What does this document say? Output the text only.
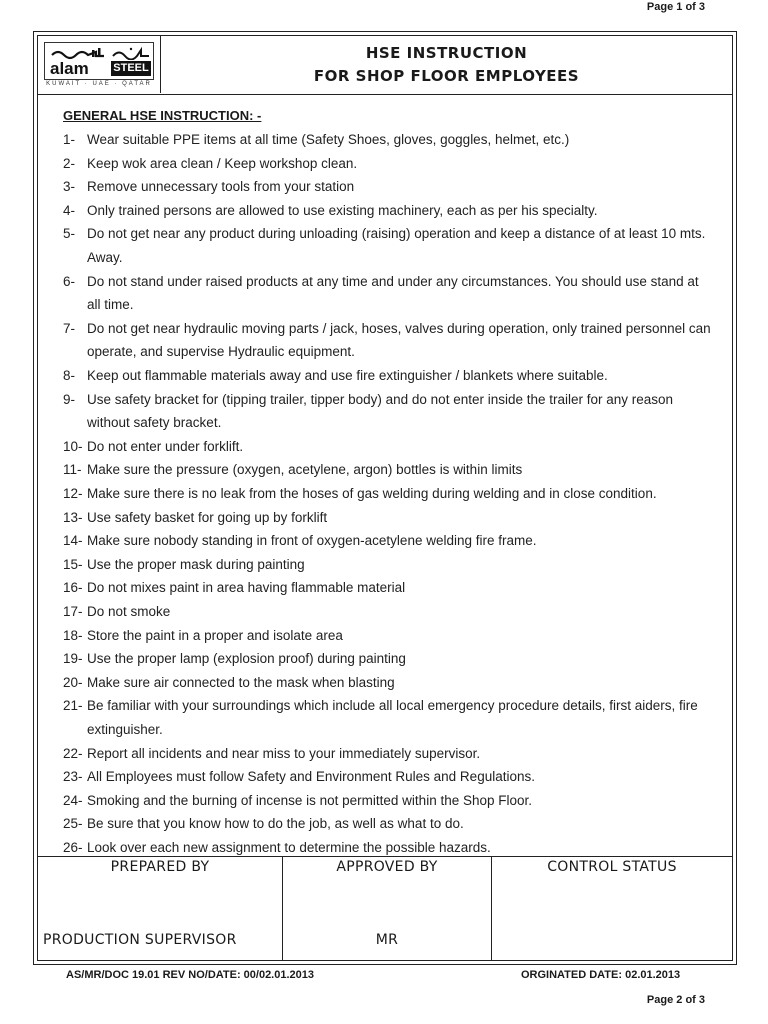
Page 1 of 3
alam STEEL
KUWAIT · UAE · QATAR
HSE INSTRUCTION
FOR SHOP FLOOR EMPLOYEES
GENERAL HSE INSTRUCTION: -
1- Wear suitable PPE items at all time (Safety Shoes, gloves, goggles, helmet, etc.)
2- Keep wok area clean / Keep workshop clean.
3- Remove unnecessary tools from your station
4- Only trained persons are allowed to use existing machinery, each as per his specialty.
5- Do not get near any product during unloading (raising) operation and keep a distance of at least 10 mts. Away.
6- Do not stand under raised products at any time and under any circumstances. You should use stand at all time.
7- Do not get near hydraulic moving parts / jack, hoses, valves during operation, only trained personnel can operate, and supervise Hydraulic equipment.
8- Keep out flammable materials away and use fire extinguisher / blankets where suitable.
9- Use safety bracket for (tipping trailer, tipper body) and do not enter inside the trailer for any reason without safety bracket.
10- Do not enter under forklift.
11- Make sure the pressure (oxygen, acetylene, argon) bottles is within limits
12- Make sure there is no leak from the hoses of gas welding during welding and in close condition.
13- Use safety basket for going up by forklift
14- Make sure nobody standing in front of oxygen-acetylene welding fire frame.
15- Use the proper mask during painting
16- Do not mixes paint in area having flammable material
17- Do not smoke
18- Store the paint in a proper and isolate area
19- Use the proper lamp (explosion proof) during painting
20- Make sure air connected to the mask when blasting
21- Be familiar with your surroundings which include all local emergency procedure details, first aiders, fire extinguisher.
22- Report all incidents and near miss to your immediately supervisor.
23- All Employees must follow Safety and Environment Rules and Regulations.
24- Smoking and the burning of incense is not permitted within the Shop Floor.
25- Be sure that you know how to do the job, as well as what to do.
26- Look over each new assignment to determine the possible hazards.
PREPARED BY
PRODUCTION SUPERVISOR
APPROVED BY
MR
CONTROL STATUS
AS/MR/DOC 19.01 REV NO/DATE: 00/02.01.2013	ORGINATED DATE: 02.01.2013
Page 2 of 3
